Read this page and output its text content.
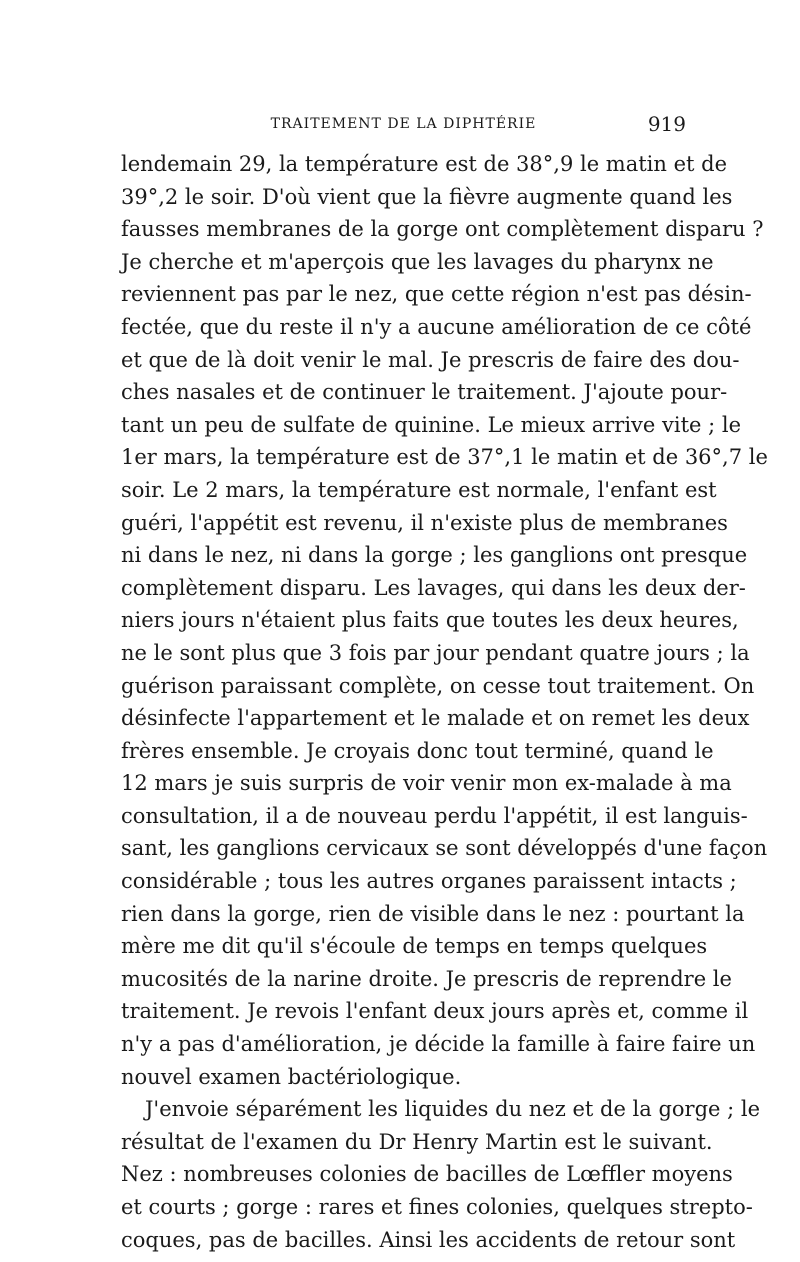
TRAITEMENT DE LA DIPHTÉRIE	919
lendemain 29, la température est de 38°,9 le matin et de
39°,2 le soir. D'où vient que la fièvre augmente quand les
fausses membranes de la gorge ont complètement disparu ?
Je cherche et m'aperçois que les lavages du pharynx ne
reviennent pas par le nez, que cette région n'est pas désin-
fectée, que du reste il n'y a aucune amélioration de ce côté
et que de là doit venir le mal. Je prescris de faire des dou-
ches nasales et de continuer le traitement. J'ajoute pour-
tant un peu de sulfate de quinine. Le mieux arrive vite ; le
1er mars, la température est de 37°,1 le matin et de 36°,7 le
soir. Le 2 mars, la température est normale, l'enfant est
guéri, l'appétit est revenu, il n'existe plus de membranes
ni dans le nez, ni dans la gorge ; les ganglions ont presque
complètement disparu. Les lavages, qui dans les deux der-
niers jours n'étaient plus faits que toutes les deux heures,
ne le sont plus que 3 fois par jour pendant quatre jours ; la
guérison paraissant complète, on cesse tout traitement. On
désinfecte l'appartement et le malade et on remet les deux
frères ensemble. Je croyais donc tout terminé, quand le
12 mars je suis surpris de voir venir mon ex-malade à ma
consultation, il a de nouveau perdu l'appétit, il est languis-
sant, les ganglions cervicaux se sont développés d'une façon
considérable ; tous les autres organes paraissent intacts ;
rien dans la gorge, rien de visible dans le nez : pourtant la
mère me dit qu'il s'écoule de temps en temps quelques
mucosités de la narine droite. Je prescris de reprendre le
traitement. Je revois l'enfant deux jours après et, comme il
n'y a pas d'amélioration, je décide la famille à faire faire un
nouvel examen bactériologique.
J'envoie séparément les liquides du nez et de la gorge ; le
résultat de l'examen du Dr Henry Martin est le suivant.
Nez : nombreuses colonies de bacilles de Lœffler moyens
et courts ; gorge : rares et fines colonies, quelques strepto-
coques, pas de bacilles. Ainsi les accidents de retour sont
